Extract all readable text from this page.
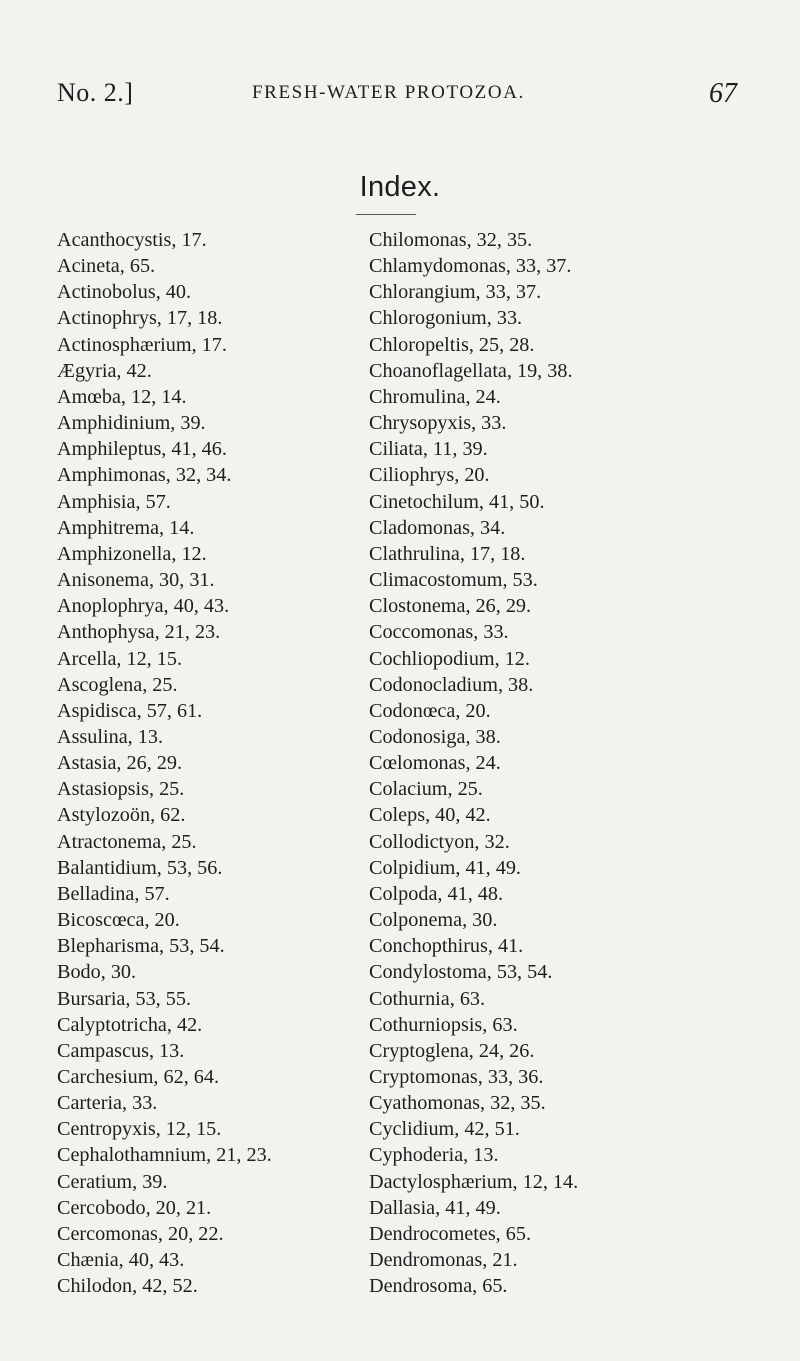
No. 2.]	FRESH-WATER PROTOZOA.	67
Index.
Acanthocystis, 17.
Acineta, 65.
Actinobolus, 40.
Actinophrys, 17, 18.
Actinosphærium, 17.
Ægyria, 42.
Amœba, 12, 14.
Amphidinium, 39.
Amphileptus, 41, 46.
Amphimonas, 32, 34.
Amphisia, 57.
Amphitrema, 14.
Amphizonella, 12.
Anisonema, 30, 31.
Anoplophrya, 40, 43.
Anthophysa, 21, 23.
Arcella, 12, 15.
Ascoglena, 25.
Aspidisca, 57, 61.
Assulina, 13.
Astasia, 26, 29.
Astasiopsis, 25.
Astylozoön, 62.
Atractonema, 25.
Balantidium, 53, 56.
Belladina, 57.
Bicoscœca, 20.
Blepharisma, 53, 54.
Bodo, 30.
Bursaria, 53, 55.
Calyptotricha, 42.
Campascus, 13.
Carchesium, 62, 64.
Carteria, 33.
Centropyxis, 12, 15.
Cephalothamnium, 21, 23.
Ceratium, 39.
Cercobodo, 20, 21.
Cercomonas, 20, 22.
Chænia, 40, 43.
Chilodon, 42, 52.
Chilomonas, 32, 35.
Chlamydomonas, 33, 37.
Chlorangium, 33, 37.
Chlorogonium, 33.
Chloropeltis, 25, 28.
Choanoflagellata, 19, 38.
Chromulina, 24.
Chrysopyxis, 33.
Ciliata, 11, 39.
Ciliophrys, 20.
Cinetochilum, 41, 50.
Cladomonas, 34.
Clathrulina, 17, 18.
Climacostomum, 53.
Clostonema, 26, 29.
Coccomonas, 33.
Cochliopodium, 12.
Codonocladium, 38.
Codonœca, 20.
Codonosiga, 38.
Cœlomonas, 24.
Colacium, 25.
Coleps, 40, 42.
Collodictyon, 32.
Colpidium, 41, 49.
Colpoda, 41, 48.
Colponema, 30.
Conchopthirus, 41.
Condylostoma, 53, 54.
Cothurnia, 63.
Cothurniopsis, 63.
Cryptoglena, 24, 26.
Cryptomonas, 33, 36.
Cyathomonas, 32, 35.
Cyclidium, 42, 51.
Cyphoderia, 13.
Dactylosphærium, 12, 14.
Dallasia, 41, 49.
Dendrocometes, 65.
Dendromonas, 21.
Dendrosoma, 65.
